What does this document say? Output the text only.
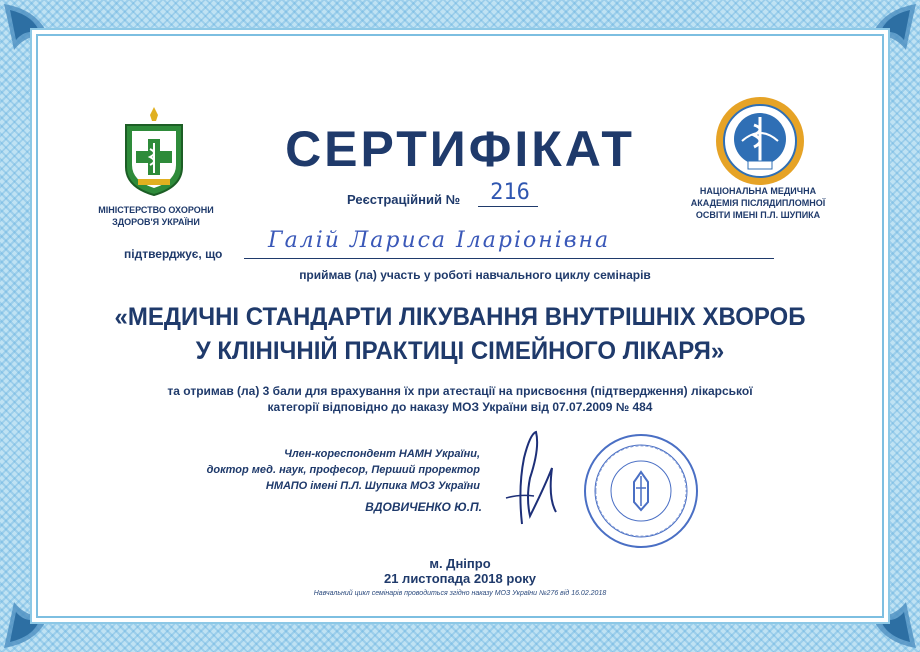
СЕРТИФІКАТ
МІНІСТЕРСТВО ОХОРОНИ ЗДОРОВ'Я УКРАЇНИ
НАЦІОНАЛЬНА МЕДИЧНА АКАДЕМІЯ ПІСЛЯДИПЛОМНОЇ ОСВІТИ ІМЕНІ П.Л. ШУПИКА
Реєстраційний №	216
підтверджує, що
Галій Лариса Іларіонівна
приймав (ла) участь у роботі навчального циклу семінарів
«МЕДИЧНІ СТАНДАРТИ ЛІКУВАННЯ ВНУТРІШНІХ ХВОРОБ
У КЛІНІЧНІЙ ПРАКТИЦІ СІМЕЙНОГО ЛІКАРЯ»
та отримав (ла) 3 бали для врахування їх при атестації на присвоєння (підтвердження) лікарської
категорії відповідно до наказу МОЗ України від 07.07.2009 № 484
Член-кореспондент НАМН України,
доктор мед. наук, професор, Перший проректор
НМАПО імені П.Л. Шупика МОЗ України
ВДОВИЧЕНКО Ю.П.
м. Дніпро
21 листопада 2018 року
Навчальний цикл семінарів проводиться згідно наказу МОЗ України №276 від 16.02.2018
